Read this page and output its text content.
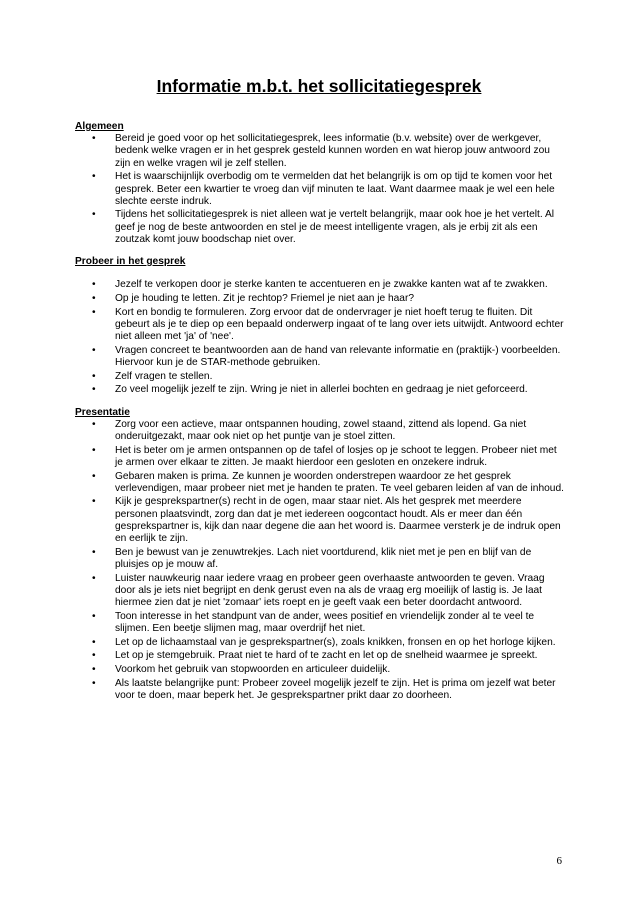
Informatie m.b.t. het sollicitatiegesprek

Algemeen

• Bereid je goed voor op het sollicitatiegesprek, lees informatie (b.v. website) over de werkgever, bedenk welke vragen er in het gesprek gesteld kunnen worden en wat hierop jouw antwoord zou zijn en welke vragen wil je zelf stellen.
• Het is waarschijnlijk overbodig om te vermelden dat het belangrijk is om op tijd te komen voor het gesprek. Beter een kwartier te vroeg dan vijf minuten te laat. Want daarmee maak je wel een hele slechte eerste indruk.
• Tijdens het sollicitatiegesprek is niet alleen wat je vertelt belangrijk, maar ook hoe je het vertelt. Al geef je nog de beste antwoorden en stel je de meest intelligente vragen, als je erbij zit als een zoutzak komt jouw boodschap niet over.

Probeer in het gesprek

• Jezelf te verkopen door je sterke kanten te accentueren en je zwakke kanten wat af te zwakken.
• Op je houding te letten. Zit je rechtop? Friemel je niet aan je haar?
• Kort en bondig te formuleren. Zorg ervoor dat de ondervrager je niet hoeft terug te fluiten. Dit gebeurt als je te diep op een bepaald onderwerp ingaat of te lang over iets uitwijdt. Antwoord echter niet alleen met 'ja' of 'nee'.
• Vragen concreet te beantwoorden aan de hand van relevante informatie en (praktijk-) voorbeelden. Hiervoor kun je de STAR-methode gebruiken.
• Zelf vragen te stellen.
• Zo veel mogelijk jezelf te zijn. Wring je niet in allerlei bochten en gedraag je niet geforceerd.

Presentatie

• Zorg voor een actieve, maar ontspannen houding, zowel staand, zittend als lopend. Ga niet onderuitgezakt, maar ook niet op het puntje van je stoel zitten.
• Het is beter om je armen ontspannen op de tafel of losjes op je schoot te leggen. Probeer niet met je armen over elkaar te zitten. Je maakt hierdoor een gesloten en onzekere indruk.
• Gebaren maken is prima. Ze kunnen je woorden onderstrepen waardoor ze het gesprek verlevendigen, maar probeer niet met je handen te praten. Te veel gebaren leiden af van de inhoud.
• Kijk je gesprekspartner(s) recht in de ogen, maar staar niet. Als het gesprek met meerdere personen plaatsvindt, zorg dan dat je met iedereen oogcontact houdt. Als er meer dan één gesprekspartner is, kijk dan naar degene die aan het woord is. Daarmee versterk je de indruk open en eerlijk te zijn.
• Ben je bewust van je zenuwtrekjes. Lach niet voortdurend, klik niet met je pen en blijf van de pluisjes op je mouw af.
• Luister nauwkeurig naar iedere vraag en probeer geen overhaaste antwoorden te geven. Vraag door als je iets niet begrijpt en denk gerust even na als de vraag erg moeilijk of lastig is. Je laat hiermee zien dat je niet 'zomaar' iets roept en je geeft vaak een beter doordacht antwoord.
• Toon interesse in het standpunt van de ander, wees positief en vriendelijk zonder al te veel te slijmen. Een beetje slijmen mag, maar overdrijf het niet.
• Let op de lichaamstaal van je gesprekspartner(s), zoals knikken, fronsen en op het horloge kijken.
• Let op je stemgebruik. Praat niet te hard of te zacht en let op de snelheid waarmee je spreekt.
• Voorkom het gebruik van stopwoorden en articuleer duidelijk.
• Als laatste belangrijke punt: Probeer zoveel mogelijk jezelf te zijn. Het is prima om jezelf wat beter voor te doen, maar beperk het. Je gesprekspartner prikt daar zo doorheen.
6
